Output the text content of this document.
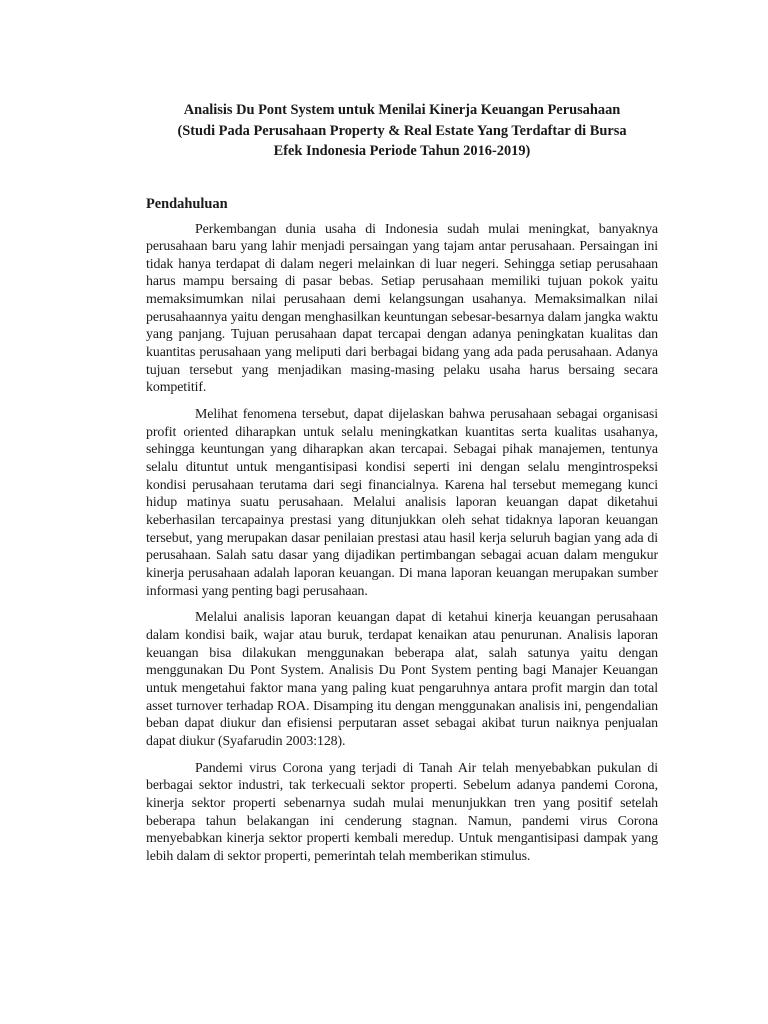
Analisis Du Pont System untuk Menilai Kinerja Keuangan Perusahaan
(Studi Pada Perusahaan Property & Real Estate Yang Terdaftar di Bursa
Efek Indonesia Periode Tahun 2016-2019)
Pendahuluan

Perkembangan dunia usaha di Indonesia sudah mulai meningkat, banyaknya perusahaan baru yang lahir menjadi persaingan yang tajam antar perusahaan. Persaingan ini tidak hanya terdapat di dalam negeri melainkan di luar negeri. Sehingga setiap perusahaan harus mampu bersaing di pasar bebas. Setiap perusahaan memiliki tujuan pokok yaitu memaksimumkan nilai perusahaan demi kelangsungan usahanya. Memaksimalkan nilai perusahaannya yaitu dengan menghasilkan keuntungan sebesar-besarnya dalam jangka waktu yang panjang. Tujuan perusahaan dapat tercapai dengan adanya peningkatan kualitas dan kuantitas perusahaan yang meliputi dari berbagai bidang yang ada pada perusahaan. Adanya tujuan tersebut yang menjadikan masing-masing pelaku usaha harus bersaing secara kompetitif.

Melihat fenomena tersebut, dapat dijelaskan bahwa perusahaan sebagai organisasi profit oriented diharapkan untuk selalu meningkatkan kuantitas serta kualitas usahanya, sehingga keuntungan yang diharapkan akan tercapai. Sebagai pihak manajemen, tentunya selalu dituntut untuk mengantisipasi kondisi seperti ini dengan selalu mengintrospeksi kondisi perusahaan terutama dari segi financialnya. Karena hal tersebut memegang kunci hidup matinya suatu perusahaan. Melalui analisis laporan keuangan dapat diketahui keberhasilan tercapainya prestasi yang ditunjukkan oleh sehat tidaknya laporan keuangan tersebut, yang merupakan dasar penilaian prestasi atau hasil kerja seluruh bagian yang ada di perusahaan. Salah satu dasar yang dijadikan pertimbangan sebagai acuan dalam mengukur kinerja perusahaan adalah laporan keuangan. Di mana laporan keuangan merupakan sumber informasi yang penting bagi perusahaan.

Melalui analisis laporan keuangan dapat di ketahui kinerja keuangan perusahaan dalam kondisi baik, wajar atau buruk, terdapat kenaikan atau penurunan. Analisis laporan keuangan bisa dilakukan menggunakan beberapa alat, salah satunya yaitu dengan menggunakan Du Pont System. Analisis Du Pont System penting bagi Manajer Keuangan untuk mengetahui faktor mana yang paling kuat pengaruhnya antara profit margin dan total asset turnover terhadap ROA. Disamping itu dengan menggunakan analisis ini, pengendalian beban dapat diukur dan efisiensi perputaran asset sebagai akibat turun naiknya penjualan dapat diukur (Syafarudin 2003:128).

Pandemi virus Corona yang terjadi di Tanah Air telah menyebabkan pukulan di berbagai sektor industri, tak terkecuali sektor properti. Sebelum adanya pandemi Corona, kinerja sektor properti sebenarnya sudah mulai menunjukkan tren yang positif setelah beberapa tahun belakangan ini cenderung stagnan. Namun, pandemi virus Corona menyebabkan kinerja sektor properti kembali meredup. Untuk mengantisipasi dampak yang lebih dalam di sektor properti, pemerintah telah memberikan stimulus.
